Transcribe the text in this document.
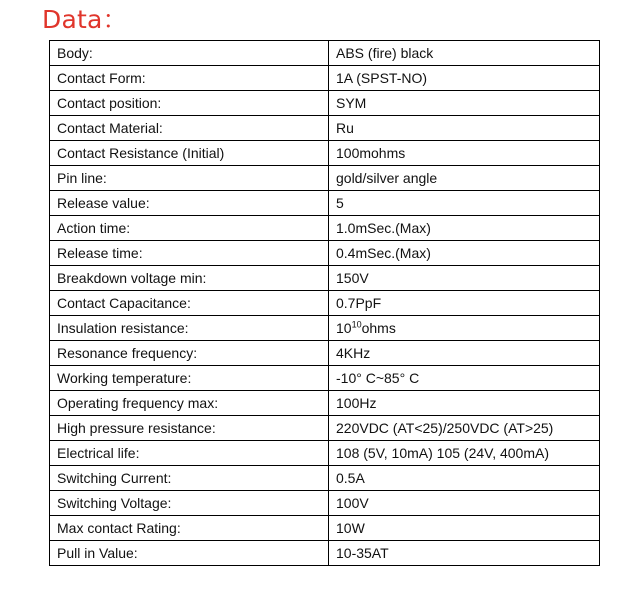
Data：
Body:	ABS (fire) black
Contact Form:	1A (SPST-NO)
Contact position:	SYM
Contact Material:	Ru
Contact Resistance (Initial)	100mohms
Pin line:	gold/silver angle
Release value:	5
Action time:	1.0mSec.(Max)
Release time:	0.4mSec.(Max)
Breakdown voltage min:	150V
Contact Capacitance:	0.7PpF
Insulation resistance:	$10^{10}ohms$
Resonance frequency:	4KHz
Working temperature:	-10° C~85° C
Operating frequency max:	100Hz
High pressure resistance:	220VDC (AT<25)/250VDC (AT>25)
Electrical life:	108 (5V, 10mA) 105 (24V, 400mA)
Switching Current:	0.5A
Switching Voltage:	100V
Max contact Rating:	10W
Pull in Value:	10-35AT
